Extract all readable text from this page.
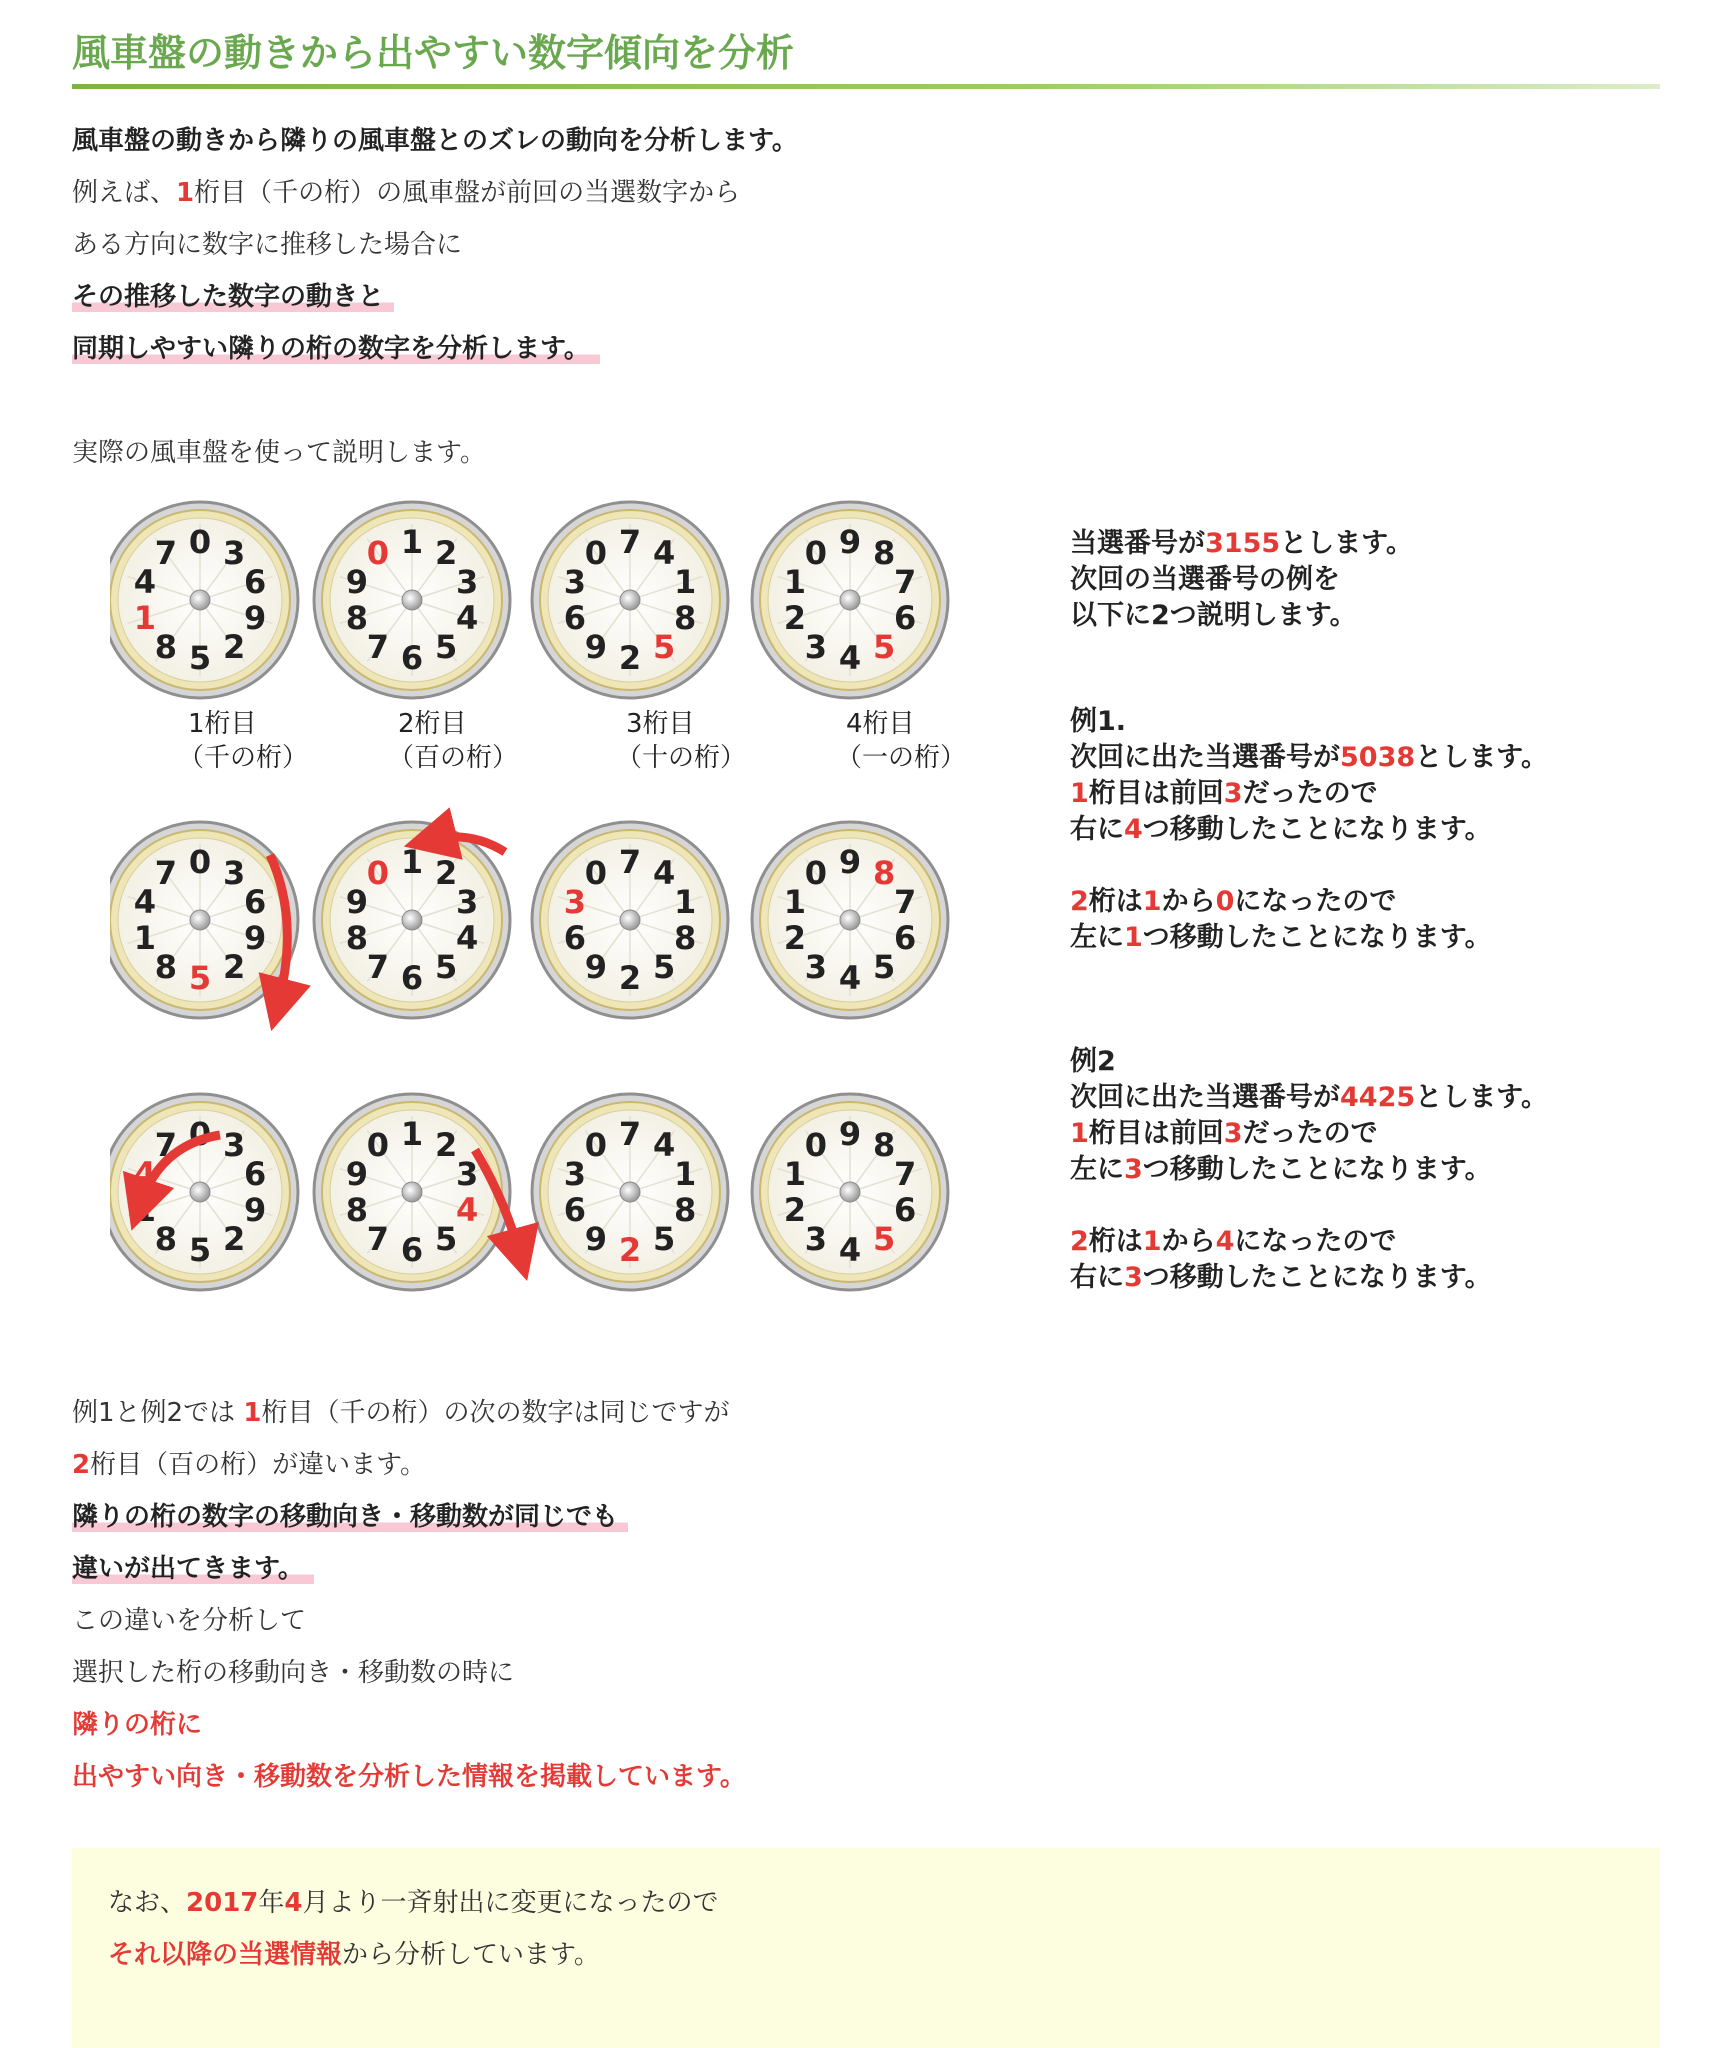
風車盤の動きから出やすい数字傾向を分析
風車盤の動きから隣りの風車盤とのズレの動向を分析します。
例えば、1桁目（千の桁）の風車盤が前回の当選数字から
ある方向に数字に推移した場合に
その推移した数字の動きと
同期しやすい隣りの桁の数字を分析します。
実際の風車盤を使って説明します。
0 3
6
9
2
5
8
1
4
7	1 2
3
4
5
6
7
8
9
0	7 4
1
8
5
2
9
6
3
0	9 8
7
6
5
4
3
2
1
0
0 3
6
9
2
5
8
1
4
7	1 2
3
4
5
6
7
8
9
0	7 4
1
8
5
2
9
6
3
0	9 8
7
6
5
4
3
2
1
0
0 3
6
9
2
5
8
1
4
7	1 2
3
4
5
6
7
8
9
0	7 4
1
8
5
2
9
6
3
0	9 8
7
6
5
4
3
2
1
0
1桁目
（千の桁）
2桁目
（百の桁）
3桁目
（十の桁）
4桁目
（一の桁）
当選番号が3155とします。
次回の当選番号の例を
以下に2つ説明します。
例1.
次回に出た当選番号が5038とします。
1桁目は前回3だったので
右に4つ移動したことになります。
2桁は1から0になったので
左に1つ移動したことになります。
例2
次回に出た当選番号が4425とします。
1桁目は前回3だったので
左に3つ移動したことになります。
2桁は1から4になったので
右に3つ移動したことになります。
例1と例2では 1桁目（千の桁）の次の数字は同じですが
2桁目（百の桁）が違います。
隣りの桁の数字の移動向き・移動数が同じでも
違いが出てきます。
この違いを分析して
選択した桁の移動向き・移動数の時に
隣りの桁に
出やすい向き・移動数を分析した情報を掲載しています。
なお、2017年4月より一斉射出に変更になったので
それ以降の当選情報から分析しています。
